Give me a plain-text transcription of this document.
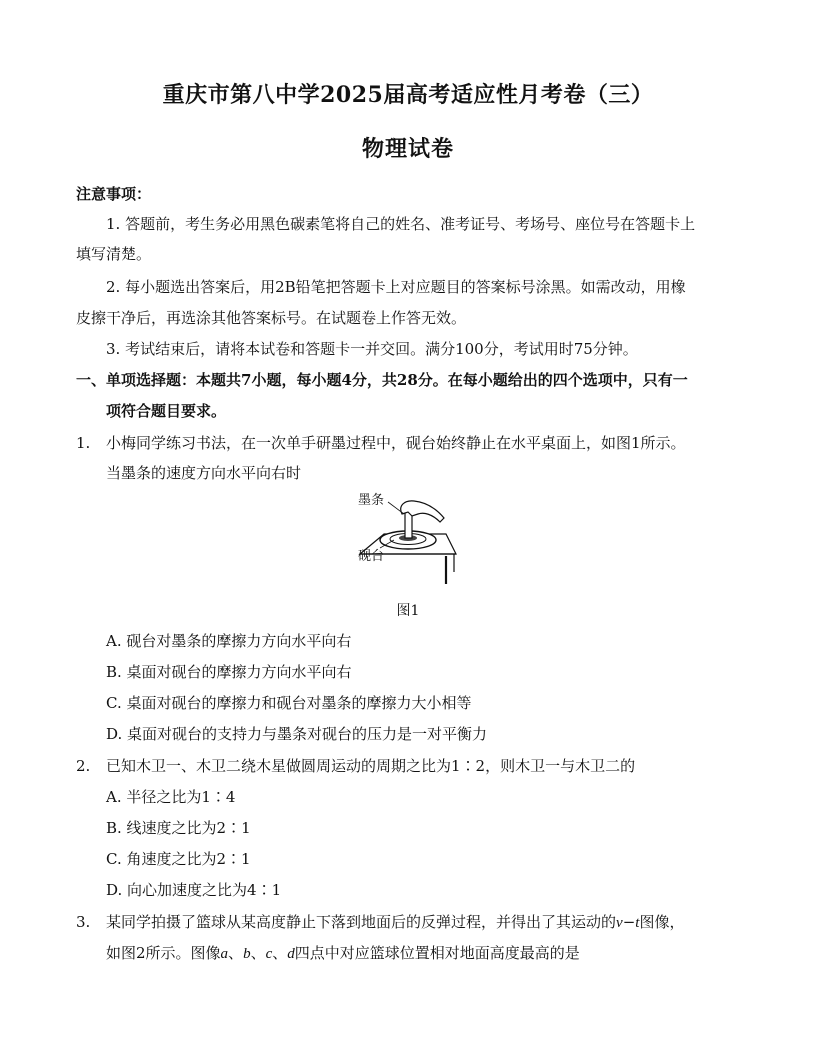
重庆市第八中学2025届高考适应性月考卷（三）
物理试卷
注意事项：
1. 答题前，考生务必用黑色碳素笔将自己的姓名、准考证号、考场号、座位号在答题卡上
填写清楚。
2. 每小题选出答案后，用2B铅笔把答题卡上对应题目的答案标号涂黑。如需改动，用橡
皮擦干净后，再选涂其他答案标号。在试题卷上作答无效。
3. 考试结束后，请将本试卷和答题卡一并交回。满分100分，考试用时75分钟。
一、单项选择题：本题共7小题，每小题4分，共28分。在每小题给出的四个选项中，只有一
项符合题目要求。
1. 小梅同学练习书法，在一次单手研墨过程中，砚台始终静止在水平桌面上，如图1所示。
当墨条的速度方向水平向右时
墨条
砚台
图1
A. 砚台对墨条的摩擦力方向水平向右
B. 桌面对砚台的摩擦力方向水平向右
C. 桌面对砚台的摩擦力和砚台对墨条的摩擦力大小相等
D. 桌面对砚台的支持力与墨条对砚台的压力是一对平衡力
2. 已知木卫一、木卫二绕木星做圆周运动的周期之比为1∶2，则木卫一与木卫二的
A. 半径之比为1∶4
B. 线速度之比为2∶1
C. 角速度之比为2∶1
D. 向心加速度之比为4∶1
3. 某同学拍摄了篮球从某高度静止下落到地面后的反弹过程，并得出了其运动的v−t图像，
如图2所示。图像a、b、c、d四点中对应篮球位置相对地面高度最高的是
